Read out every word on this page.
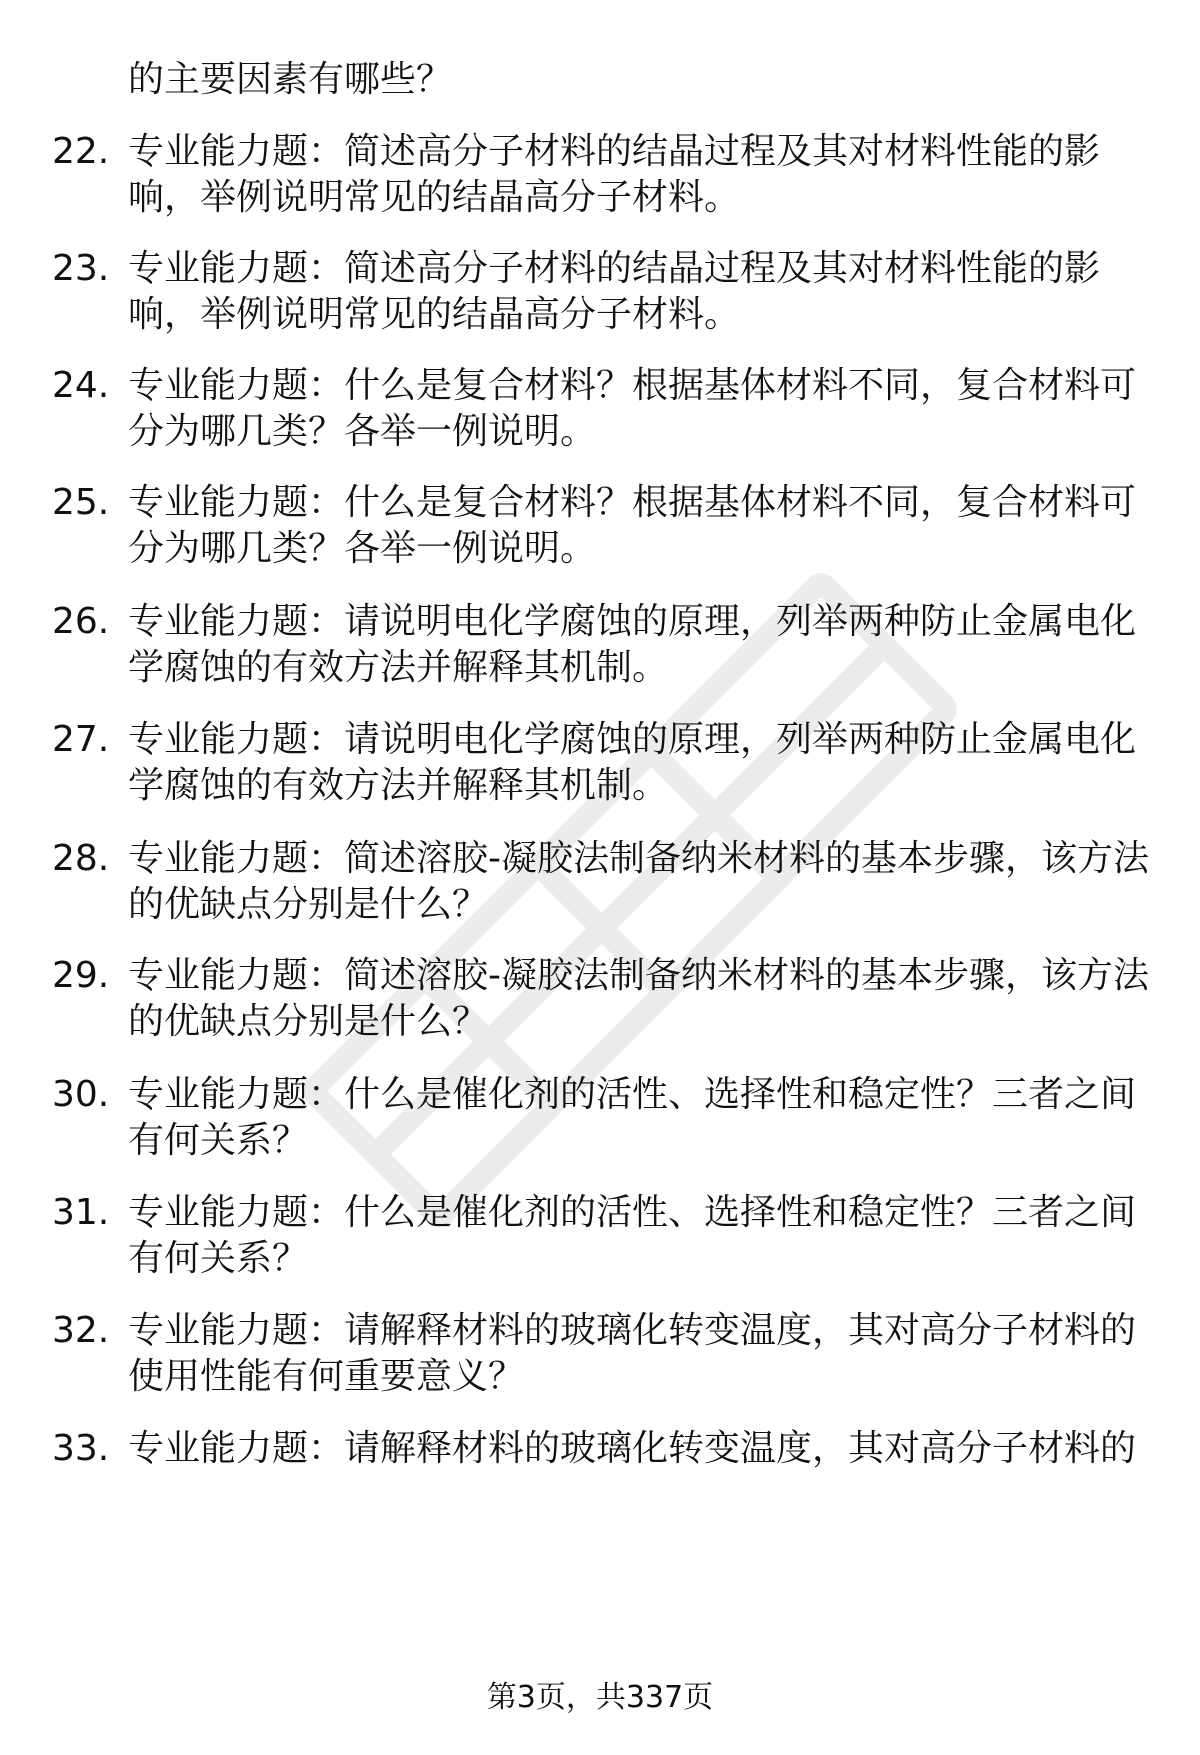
的主要因素有哪些？
22. 专业能力题：简述高分子材料的结晶过程及其对材料性能的影
响，举例说明常见的结晶高分子材料。
23. 专业能力题：简述高分子材料的结晶过程及其对材料性能的影
响，举例说明常见的结晶高分子材料。
24. 专业能力题：什么是复合材料？根据基体材料不同，复合材料可
分为哪几类？各举一例说明。
25. 专业能力题：什么是复合材料？根据基体材料不同，复合材料可
分为哪几类？各举一例说明。
26. 专业能力题：请说明电化学腐蚀的原理，列举两种防止金属电化
学腐蚀的有效方法并解释其机制。
27. 专业能力题：请说明电化学腐蚀的原理，列举两种防止金属电化
学腐蚀的有效方法并解释其机制。
28. 专业能力题：简述溶胶-凝胶法制备纳米材料的基本步骤，该方法
的优缺点分别是什么？
29. 专业能力题：简述溶胶-凝胶法制备纳米材料的基本步骤，该方法
的优缺点分别是什么？
30. 专业能力题：什么是催化剂的活性、选择性和稳定性？三者之间
有何关系？
31. 专业能力题：什么是催化剂的活性、选择性和稳定性？三者之间
有何关系？
32. 专业能力题：请解释材料的玻璃化转变温度，其对高分子材料的
使用性能有何重要意义？
33. 专业能力题：请解释材料的玻璃化转变温度，其对高分子材料的
第3页，共337页
